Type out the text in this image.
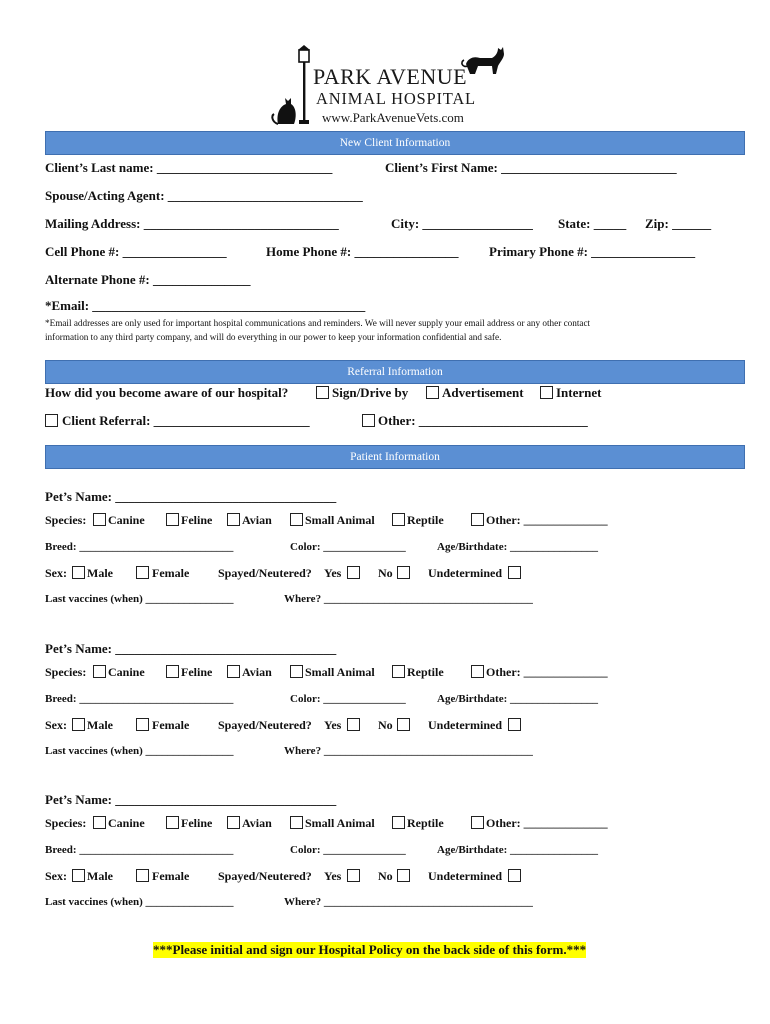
PARK AVENUE
ANIMAL HOSPITAL
www.ParkAvenueVets.com
New Client Information
Client’s Last name: ___________________________	Client’s First Name: ___________________________
Spouse/Acting Agent: ______________________________
Mailing Address: ______________________________	City: _________________ State: _____ Zip: ______
Cell Phone #: ________________	Home Phone #: ________________ Primary Phone #: ________________
Alternate Phone #: _______________
*Email: __________________________________________
*Email addresses are only used for important hospital communications and reminders. We will never supply your email address or any other contact
information to any third party company, and will do everything in our power to keep your information confidential and safe.
Referral Information
How did you become aware of our hospital?	Sign/Drive by	Advertisement Internet
Client Referral: ________________________	Other: __________________________
Patient Information
Pet’s Name: __________________________________
Species: Canine	Feline Avian	Small Animal	Reptile	Other: ______________
Breed: ____________________________	Color: _______________	Age/Birthdate: ________________
Sex: Male	Female Spayed/Neutered? Yes	No	Undetermined
Last vaccines (when) ________________	Where? ______________________________________
Pet’s Name: __________________________________
Species: Canine	Feline Avian	Small Animal	Reptile	Other: ______________
Breed: ____________________________	Color: _______________	Age/Birthdate: ________________
Sex: Male	Female Spayed/Neutered? Yes	No	Undetermined
Last vaccines (when) ________________	Where? ______________________________________
Pet’s Name: __________________________________
Species: Canine	Feline Avian	Small Animal	Reptile	Other: ______________
Breed: ____________________________	Color: _______________	Age/Birthdate: ________________
Sex: Male	Female Spayed/Neutered? Yes	No	Undetermined
Last vaccines (when) ________________	Where? ______________________________________
***Please initial and sign our Hospital Policy on the back side of this form.***
